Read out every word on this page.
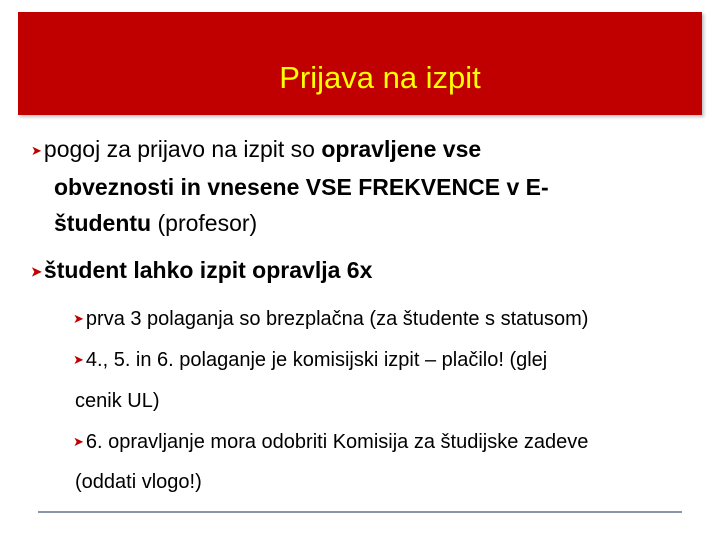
Prijava na izpit
➤pogoj za prijavo na izpit so opravljene vse
obveznosti in vnesene VSE FREKVENCE v E-
študentu (profesor)
➤študent lahko izpit opravlja 6x
➤ prva 3 polaganja so brezplačna (za študente s statusom)
➤ 4., 5. in 6. polaganje je komisijski izpit – plačilo! (glej
cenik UL)
➤ 6. opravljanje mora odobriti Komisija za študijske zadeve
(oddati vlogo!)
